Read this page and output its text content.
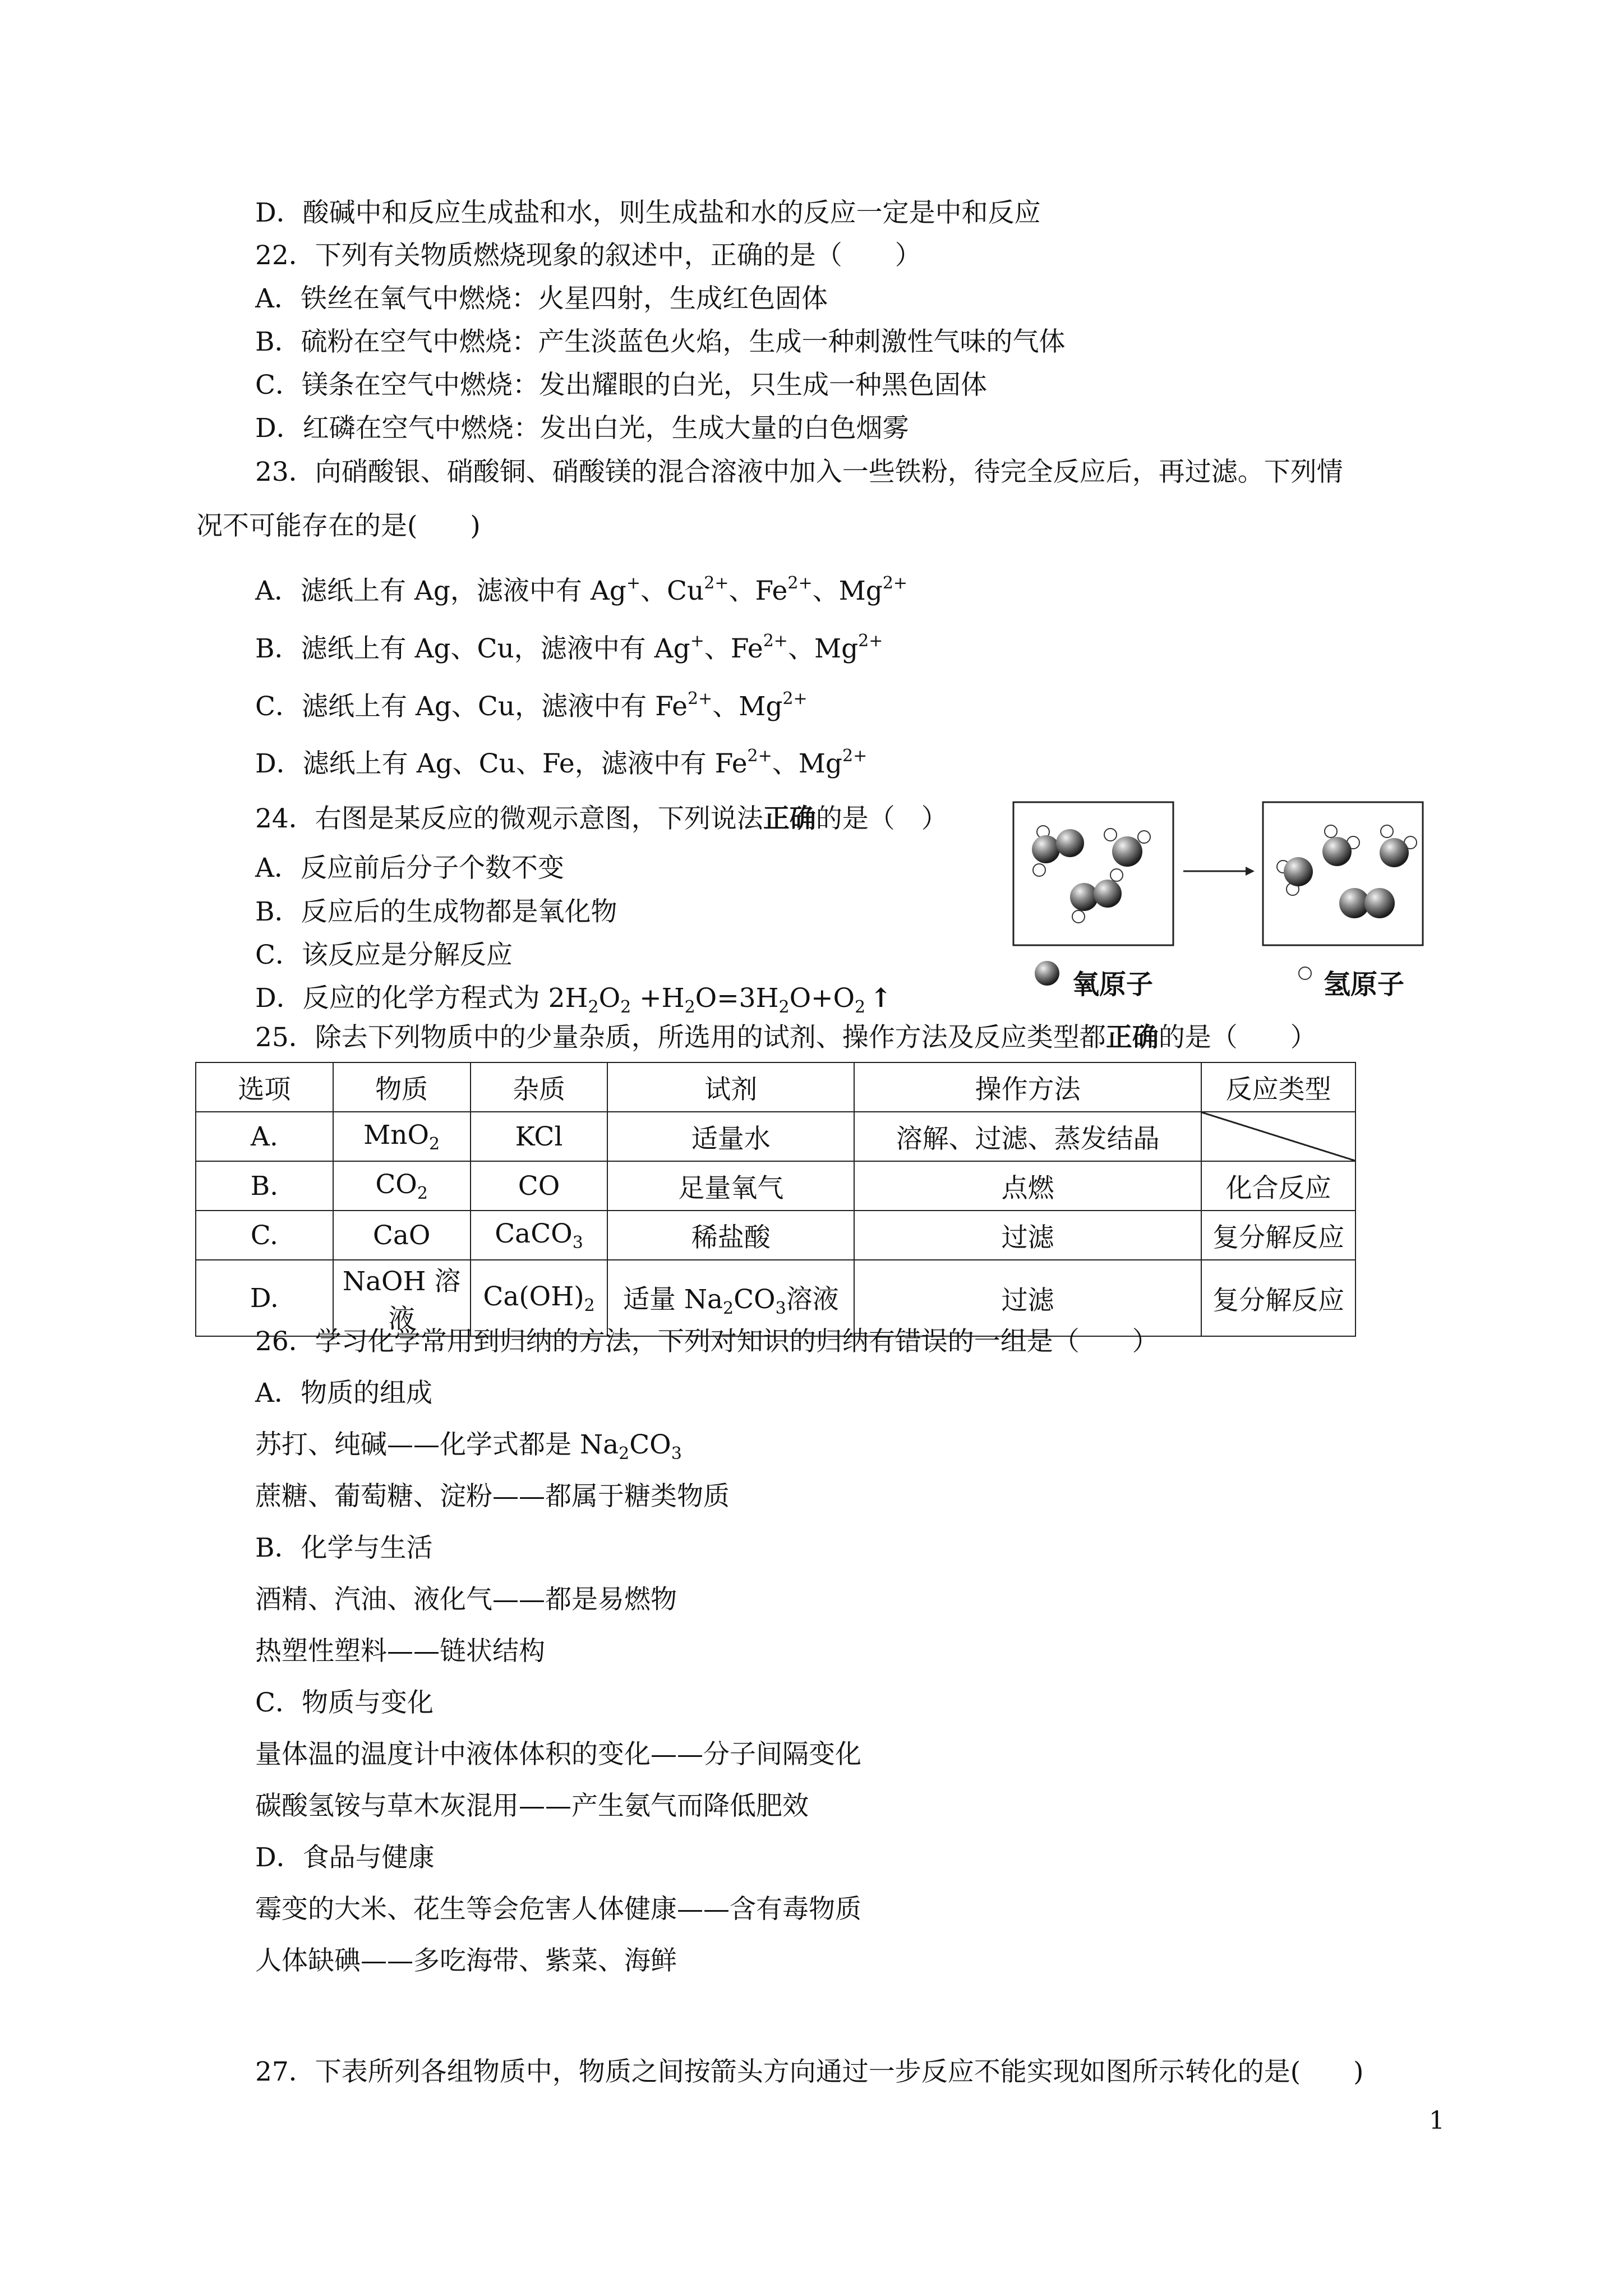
D．酸碱中和反应生成盐和水，则生成盐和水的反应一定是中和反应
22．下列有关物质燃烧现象的叙述中，正确的是（　　）
A．铁丝在氧气中燃烧：火星四射，生成红色固体
B．硫粉在空气中燃烧：产生淡蓝色火焰，生成一种刺激性气味的气体
C．镁条在空气中燃烧：发出耀眼的白光，只生成一种黑色固体
D．红磷在空气中燃烧：发出白光，生成大量的白色烟雾
23．向硝酸银、硝酸铜、硝酸镁的混合溶液中加入一些铁粉，待完全反应后，再过滤。下列情
况不可能存在的是(　　)
A．滤纸上有 Ag，滤液中有 Ag+、$Cu^{2+}$、$Fe^{2+}$、$Mg^{2+}$
B．滤纸上有 Ag、Cu，滤液中有 Ag+、$Fe^{2+}$、$Mg^{2+}$
C．滤纸上有 Ag、Cu，滤液中有 $Fe^{2+}$、$Mg^{2+}$
D．滤纸上有 Ag、Cu、Fe，滤液中有 $Fe^{2+}$、$Mg^{2+}$
24．右图是某反应的微观示意图，下列说法正确的是（　）
A．反应前后分子个数不变
B．反应后的生成物都是氧化物
C．该反应是分解反应
D．反应的化学方程式为 $2H_2O_2 +H_2O=3H_2O+O_2$ ↑	氧原子	氢原子
25．除去下列物质中的少量杂质，所选用的试剂、操作方法及反应类型都正确的是（　　）
选项	物质	杂质	试剂	操作方法	反应类型
A.	MnO$_2$	KCl	适量水	溶解、过滤、蒸发结晶	
B.	$CO_2$	CO	足量氧气	点燃	化合反应
C.	CaO	CaCO$_3$	稀盐酸	过滤	复分解反应
D.	NaOH 溶液	$Ca(OH)_2$	适量 $Na_2CO_3$溶液	过滤	复分解反应
26．学习化学常用到归纳的方法，下列对知识的归纳有错误的一组是（　　）
A．物质的组成
苏打、纯碱——化学式都是 $Na_2CO_3$
蔗糖、葡萄糖、淀粉——都属于糖类物质
B．化学与生活
酒精、汽油、液化气——都是易燃物
热塑性塑料——链状结构
C．物质与变化
量体温的温度计中液体体积的变化——分子间隔变化
碳酸氢铵与草木灰混用——产生氨气而降低肥效
D．食品与健康
霉变的大米、花生等会危害人体健康——含有毒物质
人体缺碘——多吃海带、紫菜、海鲜
27．下表所列各组物质中，物质之间按箭头方向通过一步反应不能实现如图所示转化的是(　　)
1
